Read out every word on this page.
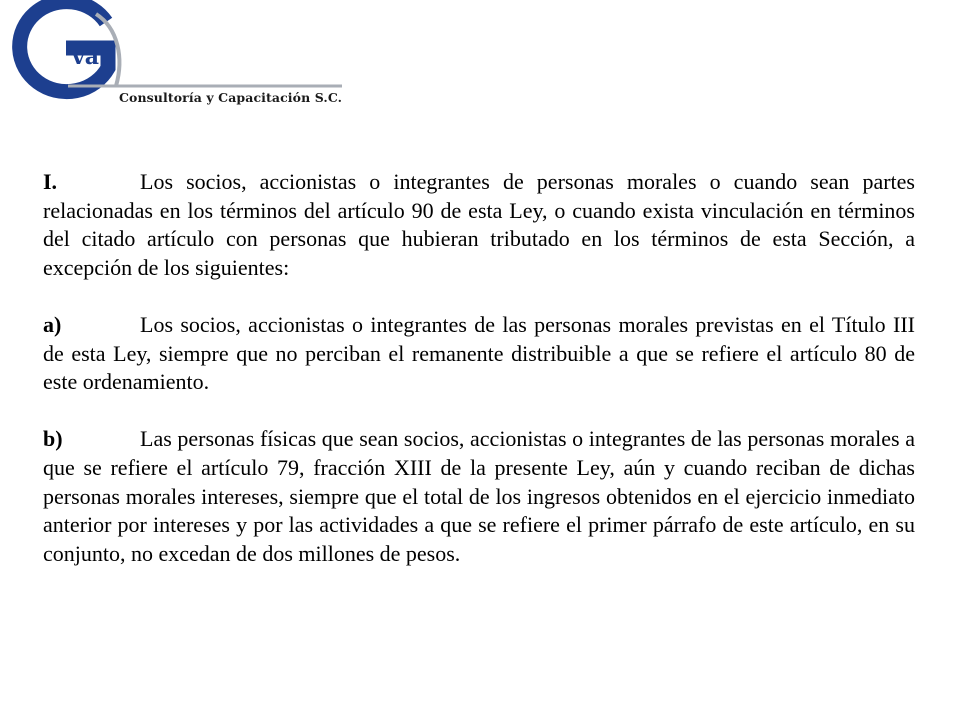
va
Consultoría y Capacitación S.C.

I.	Los socios, accionistas o integrantes de personas morales o cuando sean partes relacionadas en los términos del artículo 90 de esta Ley, o cuando exista vinculación en términos del citado artículo con personas que hubieran tributado en los términos de esta Sección, a excepción de los siguientes:

a)	Los socios, accionistas o integrantes de las personas morales previstas en el Título III de esta Ley, siempre que no perciban el remanente distribuible a que se refiere el artículo 80 de este ordenamiento.

b)	Las personas físicas que sean socios, accionistas o integrantes de las personas morales a que se refiere el artículo 79, fracción XIII de la presente Ley, aún y cuando reciban de dichas personas morales intereses, siempre que el total de los ingresos obtenidos en el ejercicio inmediato anterior por intereses y por las actividades a que se refiere el primer párrafo de este artículo, en su conjunto, no excedan de dos millones de pesos.
